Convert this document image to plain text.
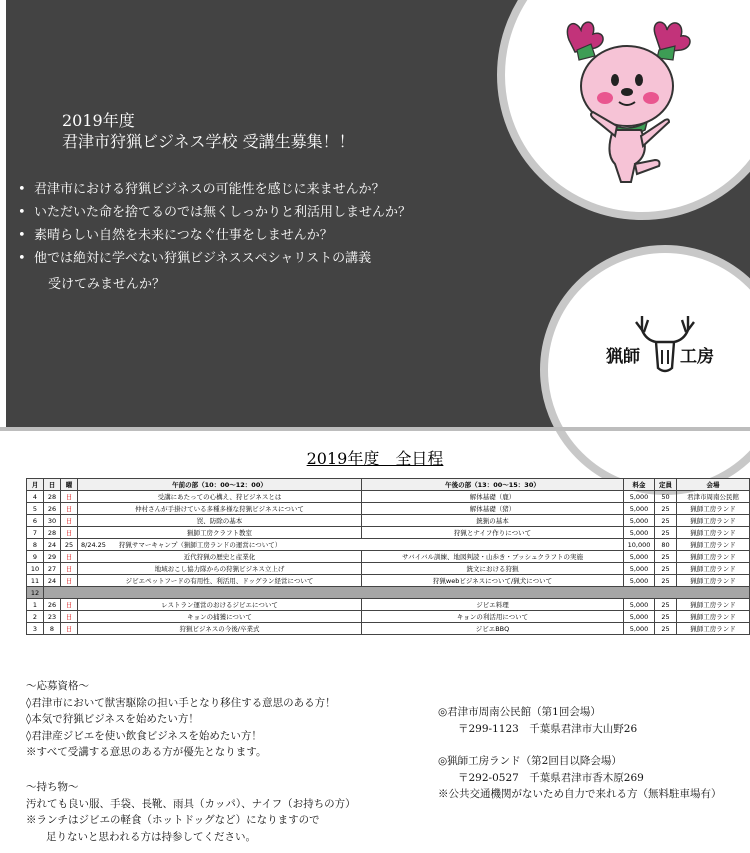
2019年度
君津市狩猟ビジネス学校 受講生募集！！
• 君津市における狩猟ビジネスの可能性を感じに来ませんか？
• いただいた命を捨てるのでは無くしっかりと利活用しませんか？
• 素晴らしい自然を未来につなぐ仕事をしませんか？
• 他では絶対に学べない狩猟ビジネススペシャリストの講義
受けてみませんか？
猟師 工房
2019年度　全日程
月	日	曜	午前の部（10：00～12：00）	午後の部（13：00～15：30）	料金	定員	会場
4	28	日	受講にあたっての心構え、狩ビジネスとは	解体基礎（鹿）	5,000	50	君津市周南公民館
5	26	日	仲村さんが手掛けている多種多様な狩猟ビジネスについて	解体基礎（猪）	5,000	25	猟師工房ランド
6	30	日	罠、防除の基本	銃猟の基本	5,000	25	猟師工房ランド
7	28	日	猟師工房クラフト教室	狩猟とナイフ作りについて	5,000	25	猟師工房ランド
8	24	25	8/24.25　　狩猟サマーキャンプ（猟師工房ランドの運営について）		10,000	80	猟師工房ランド
9	29	日	近代狩猟の歴史と産業化	サバイバル訓練、地図判読・山歩き・ブッシュクラフトの実施	5,000	25	猟師工房ランド
10	27	日	地域おこし協力隊からの狩猟ビジネス立上げ	銃文における狩猟	5,000	25	猟師工房ランド
11	24	日	ジビエペットフードの有用性、利活用、ドッグラン経営について	狩猟webビジネスについて/猟犬について	5,000	25	猟師工房ランド
12							
1	26	日	レストラン運営のおけるジビエについて	ジビエ料理	5,000	25	猟師工房ランド
2	23	日	キョンの捕獲について	キョンの利活用について	5,000	25	猟師工房ランド
3	8	日	狩猟ビジネスの今後/卒業式	ジビエBBQ	5,000	25	猟師工房ランド

～応募資格～

◊君津市において獣害駆除の担い手となり移住する意思のある方！

◊本気で狩猟ビジネスを始めたい方！

◊君津産ジビエを使い飲食ビジネスを始めたい方！

※すべて受講する意思のある方が優先となります。

～持ち物～

汚れても良い服、手袋、長靴、雨具（カッパ）、ナイフ（お持ちの方）

※ランチはジビエの軽食（ホットドッグなど）になりますので

足りないと思われる方は持参してください。

◎君津市周南公民館（第1回会場）

〒299-1123　千葉県君津市大山野26

◎猟師工房ランド（第2回目以降会場）

〒292-0527　千葉県君津市香木原269

※公共交通機関がないため自力で来れる方（無料駐車場有）
